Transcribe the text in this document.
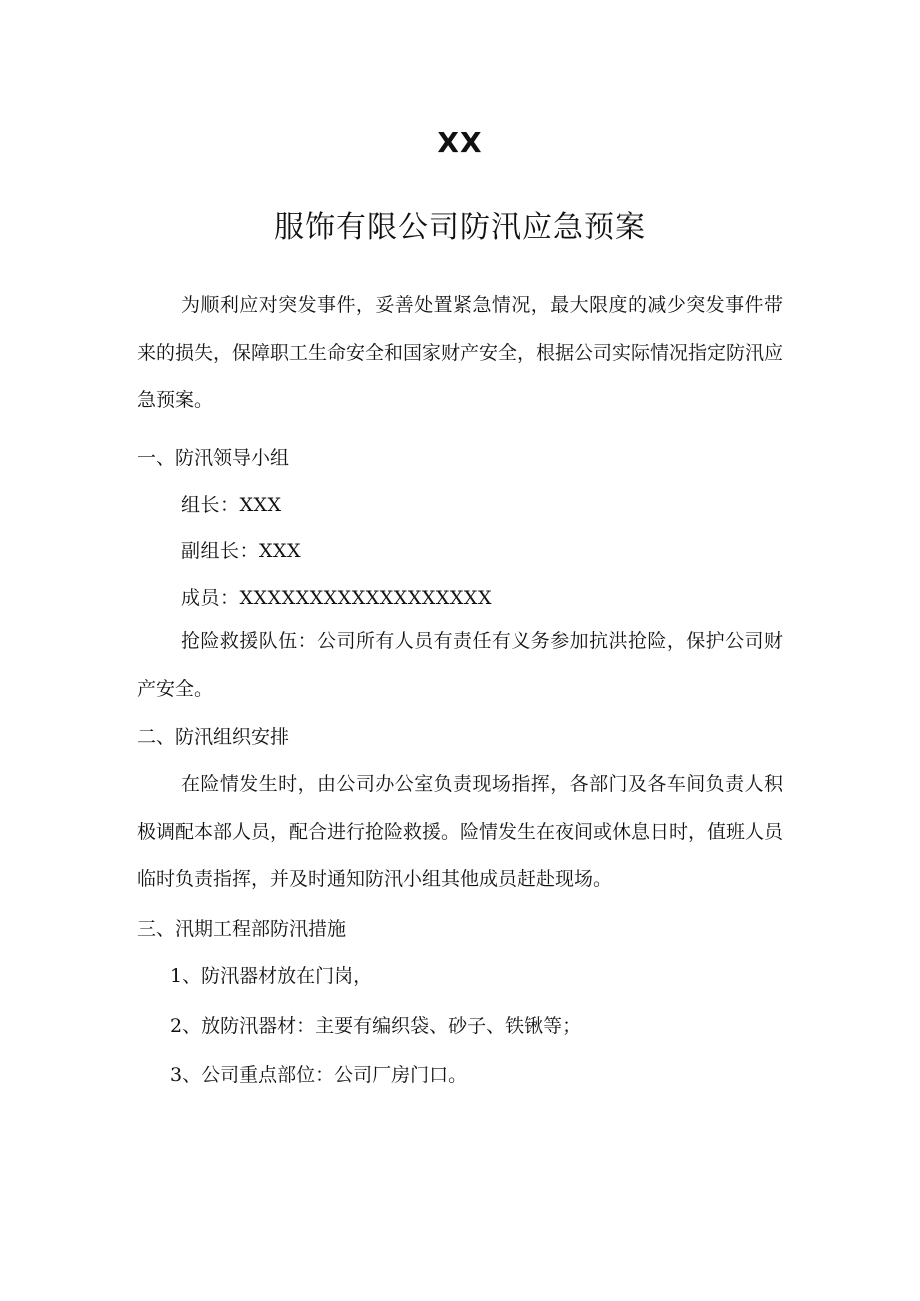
XX
服饰有限公司防汛应急预案

为顺利应对突发事件，妥善处置紧急情况，最大限度的减少突发事件带来的损失，保障职工生命安全和国家财产安全，根据公司实际情况指定防汛应急预案。

一、防汛领导小组
组长：XXX
副组长：XXX
成员：XXXXXXXXXXXXXXXXXX

抢险救援队伍：公司所有人员有责任有义务参加抗洪抢险，保护公司财产安全。

二、防汛组织安排

在险情发生时，由公司办公室负责现场指挥，各部门及各车间负责人积极调配本部人员，配合进行抢险救援。险情发生在夜间或休息日时，值班人员临时负责指挥，并及时通知防汛小组其他成员赶赴现场。

三、汛期工程部防汛措施
1、防汛器材放在门岗，
2、放防汛器材：主要有编织袋、砂子、铁锹等；
3、公司重点部位：公司厂房门口。
